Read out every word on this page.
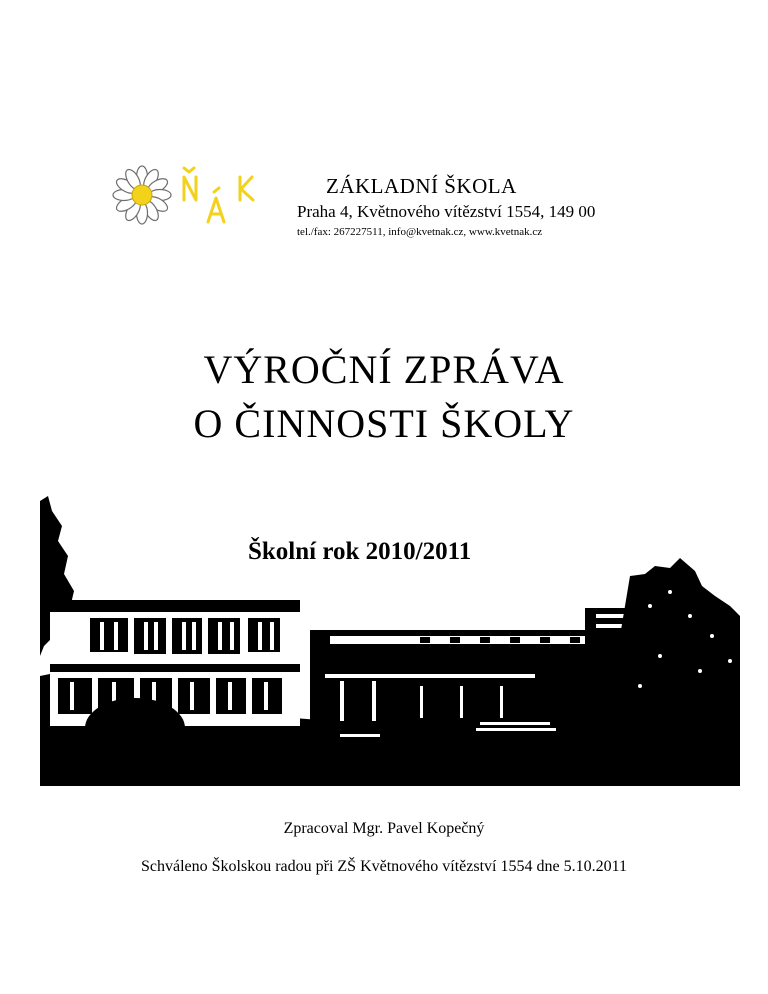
ZÁKLADNÍ ŠKOLA
Praha 4, Květnového vítězství 1554, 149 00
tel./fax: 267227511, info@kvetnak.cz, www.kvetnak.cz
VÝROČNÍ ZPRÁVA
O ČINNOSTI ŠKOLY
Školní rok 2010/2011
Zpracoval Mgr. Pavel Kopečný
Schváleno Školskou radou při ZŠ Květnového vítězství 1554 dne 5.10.2011
